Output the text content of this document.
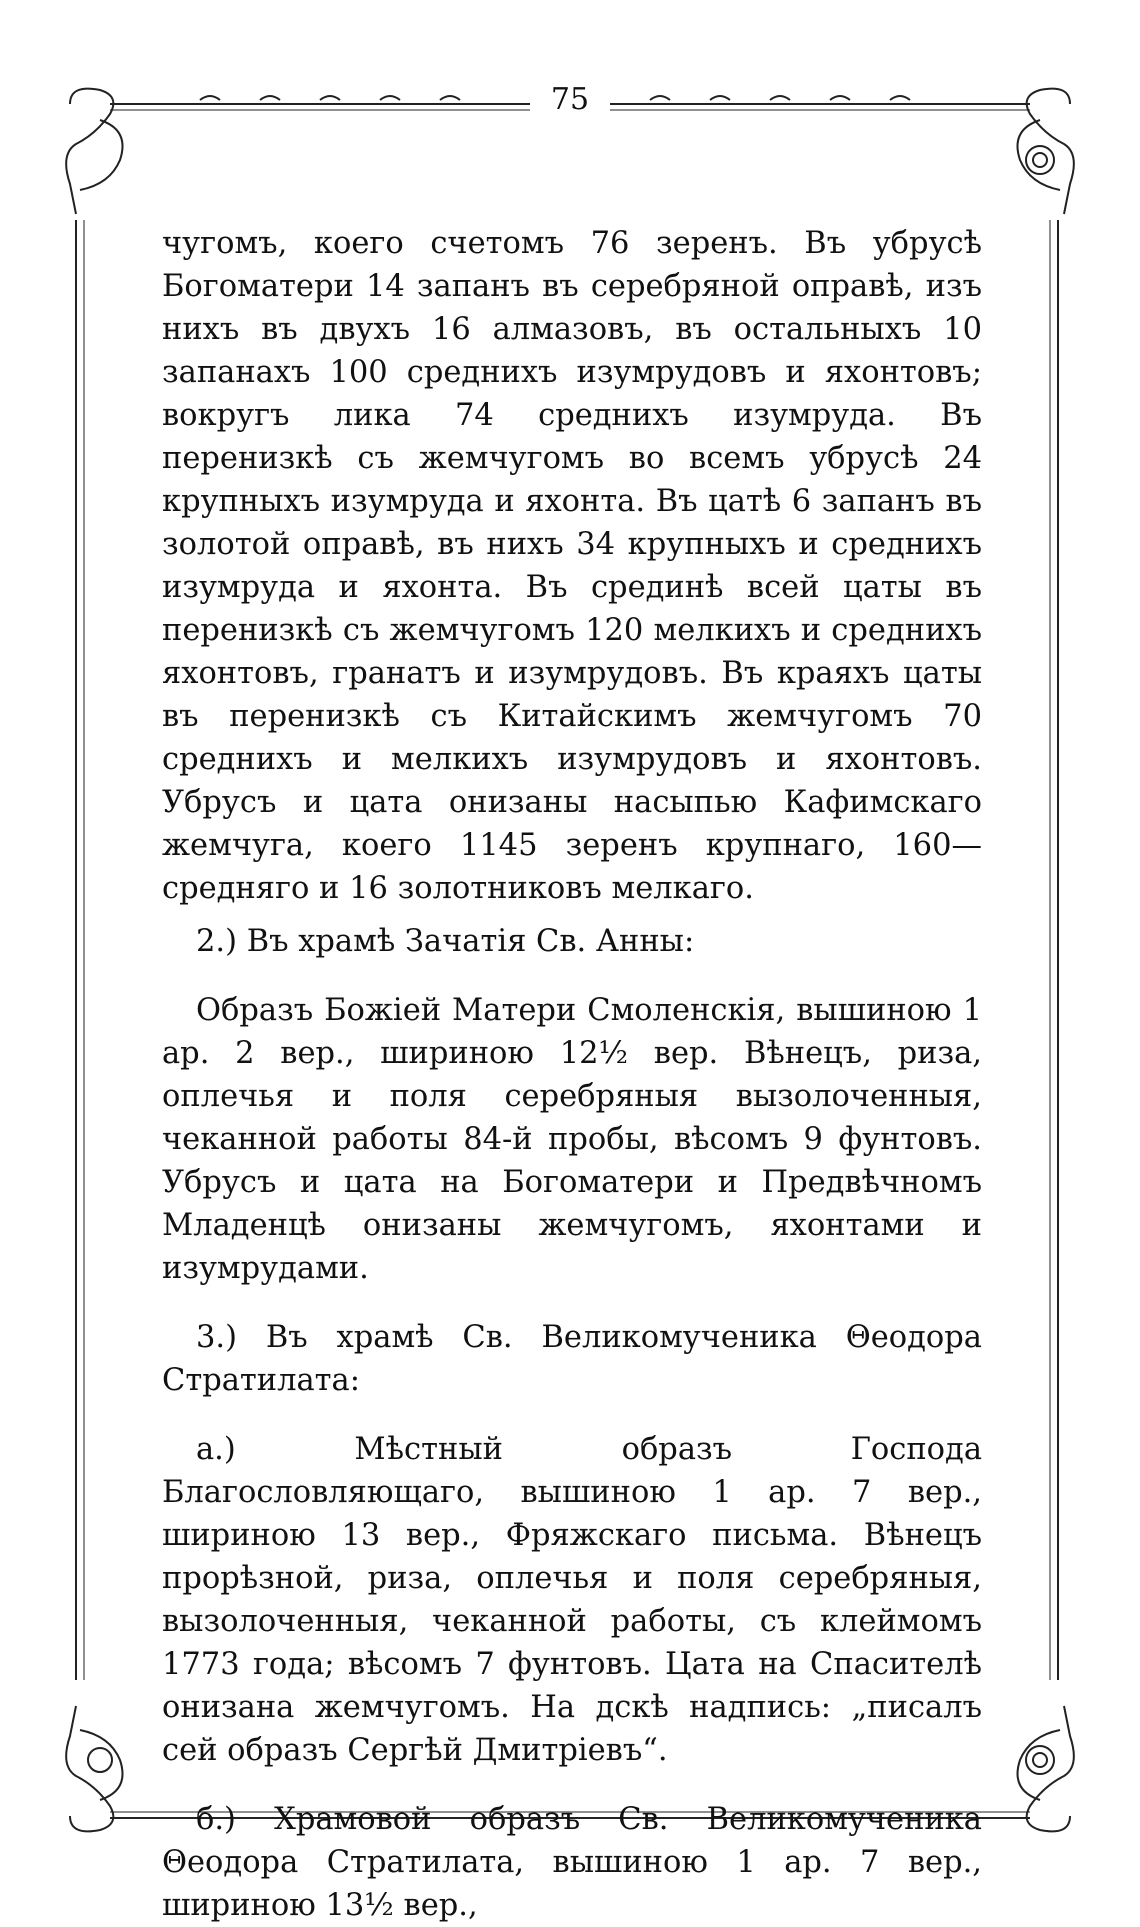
75

чугомъ, коего счетомъ 76 зеренъ. Въ убрусѣ Богоматери 14 запанъ въ серебряной оправѣ, изъ нихъ въ двухъ 16 алмазовъ, въ остальныхъ 10 запанахъ 100 среднихъ изумрудовъ и яхонтовъ; вокругъ лика 74 среднихъ изумруда. Въ перенизкѣ съ жемчугомъ во всемъ убрусѣ 24 крупныхъ изумруда и яхонта. Въ цатѣ 6 запанъ въ золотой оправѣ, въ нихъ 34 крупныхъ и среднихъ изумруда и яхонта. Въ срединѣ всей цаты въ перенизкѣ съ жемчугомъ 120 мелкихъ и среднихъ яхонтовъ, гранатъ и изумрудовъ. Въ краяхъ цаты въ перенизкѣ съ Китайскимъ жемчугомъ 70 среднихъ и мелкихъ изумрудовъ и яхонтовъ. Убрусъ и цата онизаны насыпью Кафимскаго жемчуга, коего 1145 зеренъ крупнаго, 160—средняго и 16 золотниковъ мелкаго.

2.) Въ храмѣ Зачатія Св. Анны:

Образъ Божіей Матери Смоленскія, вышиною 1 ар. 2 вер., шириною 12½ вер. Вѣнецъ, риза, оплечья и поля серебряныя вызолоченныя, чеканной работы 84-й пробы, вѣсомъ 9 фунтовъ. Убрусъ и цата на Богоматери и Предвѣчномъ Младенцѣ онизаны жемчугомъ, яхонтами и изумрудами.

3.) Въ храмѣ Св. Великомученика Θеодора Стратилата:

а.) Мѣстный образъ Господа Благословляющаго, вышиною 1 ар. 7 вер., шириною 13 вер., Фряжскаго письма. Вѣнецъ прорѣзной, риза, оплечья и поля серебряныя, вызолоченныя, чеканной работы, съ клеймомъ 1773 года; вѣсомъ 7 фунтовъ. Цата на Спасителѣ онизана жемчугомъ. На дскѣ надпись: „писалъ сей образъ Сергѣй Дмитріевъ“.

б.) Храмовой образъ Св. Великомученика Θеодора Стратилата, вышиною 1 ар. 7 вер., шириною 13½ вер.,
